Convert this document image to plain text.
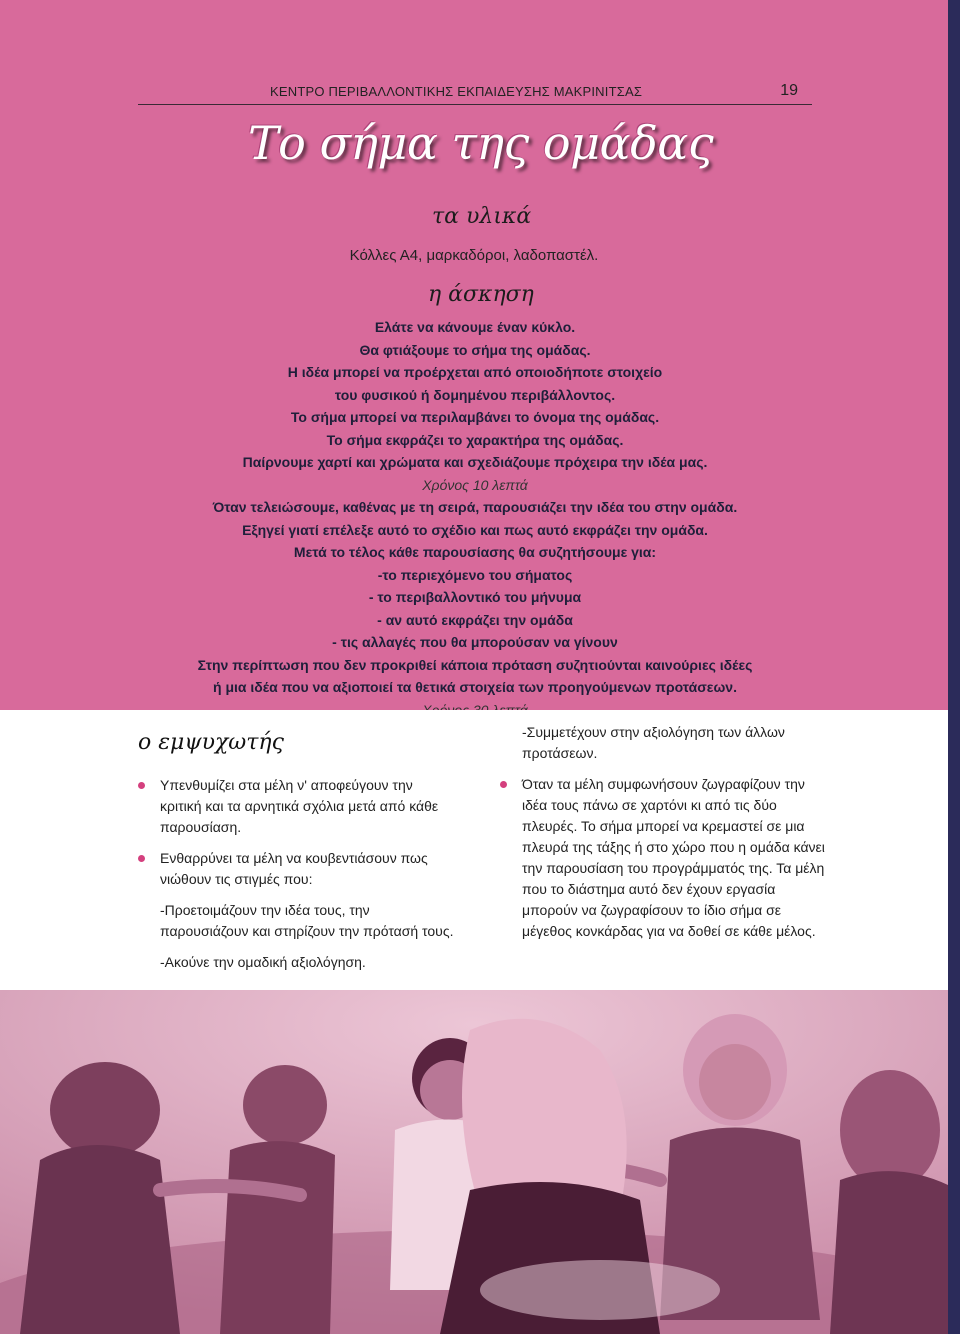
ΚΕΝΤΡΟ ΠΕΡΙΒΑΛΛΟΝΤΙΚΗΣ ΕΚΠΑΙΔΕΥΣΗΣ ΜΑΚΡΙΝΙΤΣΑΣ	19
Το σήμα της ομάδας
τα υλικά
Κόλλες Α4, μαρκαδόροι, λαδοπαστέλ.
η άσκηση
Ελάτε να κάνουμε έναν κύκλο.
Θα φτιάξουμε το σήμα της ομάδας.
Η ιδέα μπορεί να προέρχεται από οποιοδήποτε στοιχείο
του φυσικού ή δομημένου περιβάλλοντος.
Το σήμα μπορεί να περιλαμβάνει το όνομα της ομάδας.
Το σήμα εκφράζει το χαρακτήρα της ομάδας.
Παίρνουμε χαρτί και χρώματα και σχεδιάζουμε πρόχειρα την ιδέα μας.
Χρόνος 10 λεπτά
Όταν τελειώσουμε, καθένας με τη σειρά, παρουσιάζει την ιδέα του στην ομάδα.
Εξηγεί γιατί επέλεξε αυτό το σχέδιο και πως αυτό εκφράζει την ομάδα.
Μετά το τέλος κάθε παρουσίασης θα συζητήσουμε για:
-το περιεχόμενο του σήματος
- το περιβαλλοντικό του μήνυμα
- αν αυτό εκφράζει την ομάδα
- τις αλλαγές που θα μπορούσαν να γίνουν
Στην περίπτωση που δεν προκριθεί κάποια πρόταση συζητιούνται καινούριες ιδέες
ή μια ιδέα που να αξιοποιεί τα θετικά στοιχεία των προηγούμενων προτάσεων.
ο εμψυχωτής
Υπενθυμίζει στα μέλη ν' αποφεύγουν την κριτική και τα αρνητικά σχόλια μετά από κάθε παρουσίαση.
Ενθαρρύνει τα μέλη να κουβεντιάσουν πως νιώθουν τις στιγμές που:
-Προετοιμάζουν την ιδέα τους, την παρουσιάζουν και στηρίζουν την πρότασή τους.
-Ακούνε την ομαδική αξιολόγηση.
-Συμμετέχουν στην αξιολόγηση των άλλων προτάσεων.
Όταν τα μέλη συμφωνήσουν ζωγραφίζουν την ιδέα τους πάνω σε χαρτόνι κι από τις δύο πλευρές. Το σήμα μπορεί να κρεμαστεί σε μια πλευρά της τάξης ή στο χώρο που η ομάδα κάνει την παρουσίαση του προγράμματός της. Τα μέλη που το διάστημα αυτό δεν έχουν εργασία μπορούν να ζωγραφίσουν το ίδιο σήμα σε μέγεθος κονκάρδας για να δοθεί σε κάθε μέλος.
